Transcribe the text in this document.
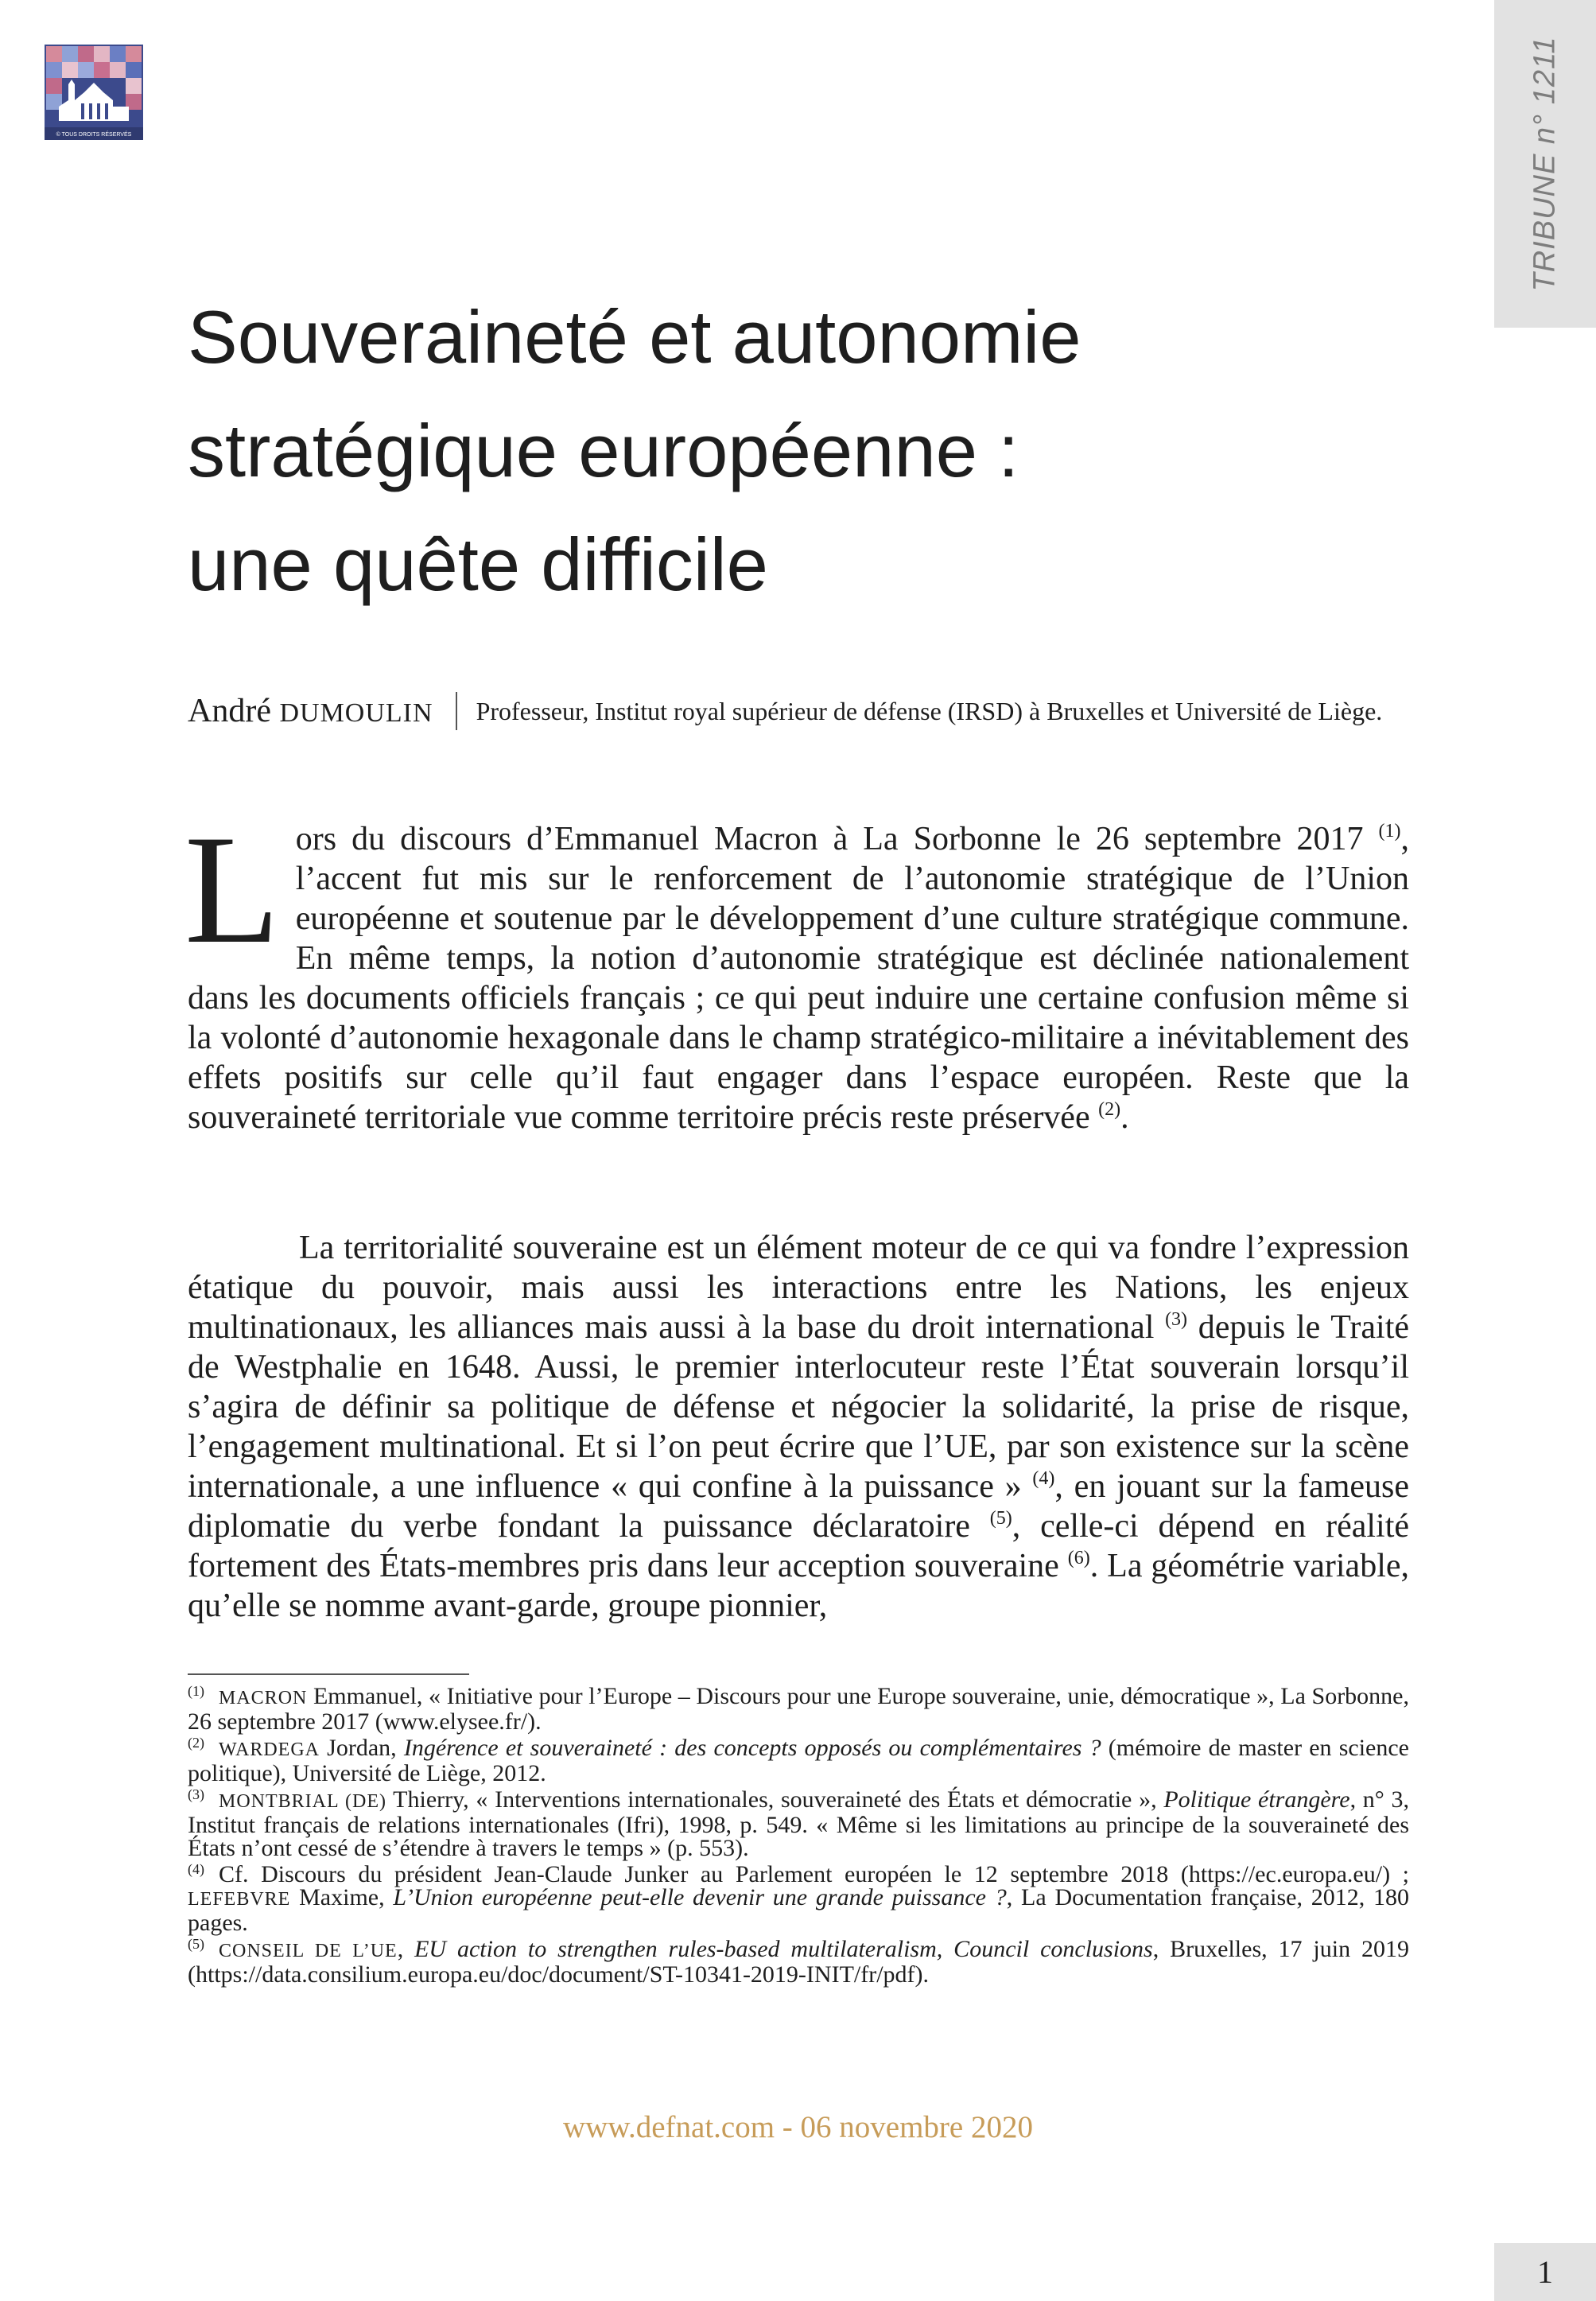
© TOUS DROITS RÉSERVÉS	TRIBUNE n° 1211
Souveraineté et autonomie
stratégique européenne :
une quête difficile
André DUMOULIN Professeur, Institut royal supérieur de défense (IRSD) à Bruxelles et Université de Liège.

Lors du discours d’Emmanuel Macron à La Sorbonne le 26 septembre 2017 $^{(1)}$, l’accent fut mis sur le renforcement de l’autonomie stratégique de l’Union européenne et soutenue par le développement d’une culture stratégique commune. En même temps, la notion d’autonomie stratégique est déclinée nationalement dans les documents officiels français ; ce qui peut induire une certaine confusion même si la volonté d’autonomie hexagonale dans le champ stratégico-militaire a inévitablement des effets positifs sur celle qu’il faut engager dans l’espace européen. Reste que la souveraineté territoriale vue comme territoire précis reste préservée $^{(2)}$.

La territorialité souveraine est un élément moteur de ce qui va fondre l’expression étatique du pouvoir, mais aussi les interactions entre les Nations, les enjeux multinationaux, les alliances mais aussi à la base du droit international $^{(3)}$ depuis le Traité de Westphalie en 1648. Aussi, le premier interlocuteur reste l’État souverain lorsqu’il s’agira de définir sa politique de défense et négocier la solidarité, la prise de risque, l’engagement multinational. Et si l’on peut écrire que l’UE, par son existence sur la scène internationale, a une influence « qui confine à la puissance » $^{(4)}$, en jouant sur la fameuse diplomatie du verbe fondant la puissance déclaratoire $^{(5)}$, celle-ci dépend en réalité fortement des États-membres pris dans leur acception souveraine $^{(6)}$. La géométrie variable, qu’elle se nomme avant-garde, groupe pionnier,

$^{(1)}$ MACRON Emmanuel, « Initiative pour l’Europe – Discours pour une Europe souveraine, unie, démocratique », La Sorbonne, 26 septembre 2017 (www.elysee.fr/).

$^{(2)}$ WARDEGA Jordan, Ingérence et souveraineté : des concepts opposés ou complémentaires ? (mémoire de master en science politique), Université de Liège, 2012.

$^{(3)}$ MONTBRIAL (DE) Thierry, « Interventions internationales, souveraineté des États et démocratie », Politique étrangère, n° 3, Institut français de relations internationales (Ifri), 1998, p. 549. « Même si les limitations au principe de la souveraineté des États n’ont cessé de s’étendre à travers le temps » (p. 553).

$^{(4)}$ Cf. Discours du président Jean-Claude Junker au Parlement européen le 12 septembre 2018 (https://ec.europa.eu/) ; LEFEBVRE Maxime, L’Union européenne peut-elle devenir une grande puissance ?, La Documentation française, 2012, 180 pages.

$^{(5)}$ CONSEIL DE L’UE, EU action to strengthen rules-based multilateralism, Council conclusions, Bruxelles, 17 juin 2019 (https://data.consilium.europa.eu/doc/document/ST-10341-2019-INIT/fr/pdf).

www.defnat.com - 06 novembre 2020
1
